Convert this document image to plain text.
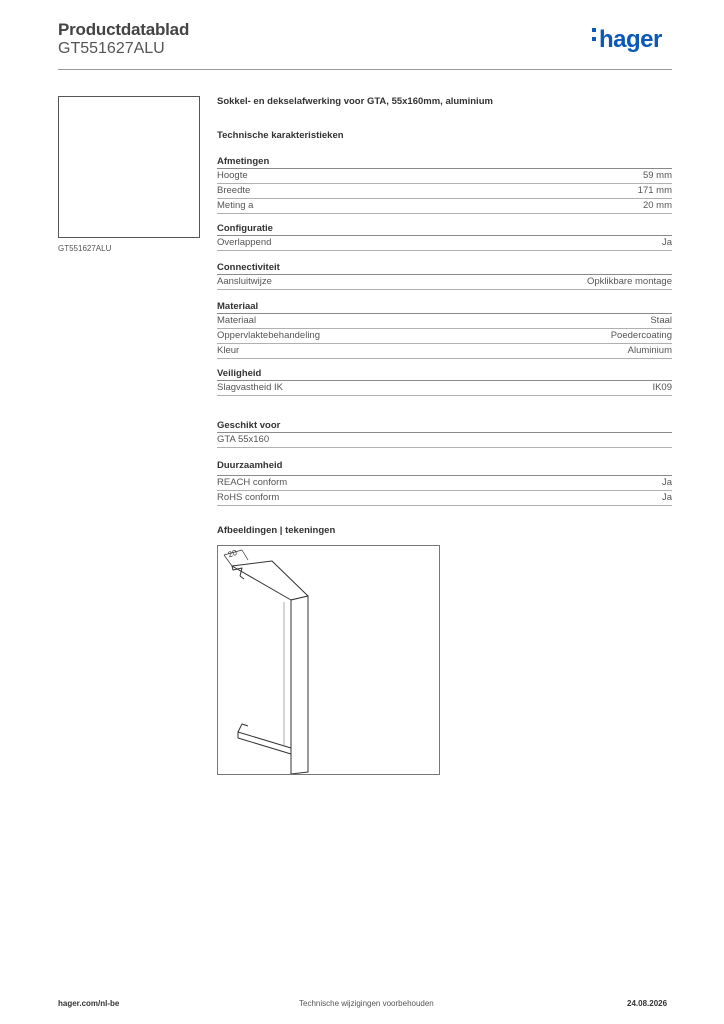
Productdatablad
GT551627ALU	hager
GT551627ALU
Sokkel- en dekselafwerking voor GTA, 55x160mm, aluminium
Technische karakteristieken
Afmetingen
Hoogte	59 mm
Breedte	171 mm
Meting a	20 mm
Configuratie
Overlappend	Ja
Connectiviteit
Aansluitwijze	Opklikbare montage
Materiaal
Materiaal	Staal
Oppervlaktebehandeling	Poedercoating
Kleur	Aluminium
Veiligheid
Slagvastheid IK	IK09
Geschikt voor
GTA 55x160
Duurzaamheid
REACH conform	Ja
RoHS conform	Ja
Afbeeldingen | tekeningen
20
hager.com/nl-be	Technische wijzigingen voorbehouden	24.08.2026
